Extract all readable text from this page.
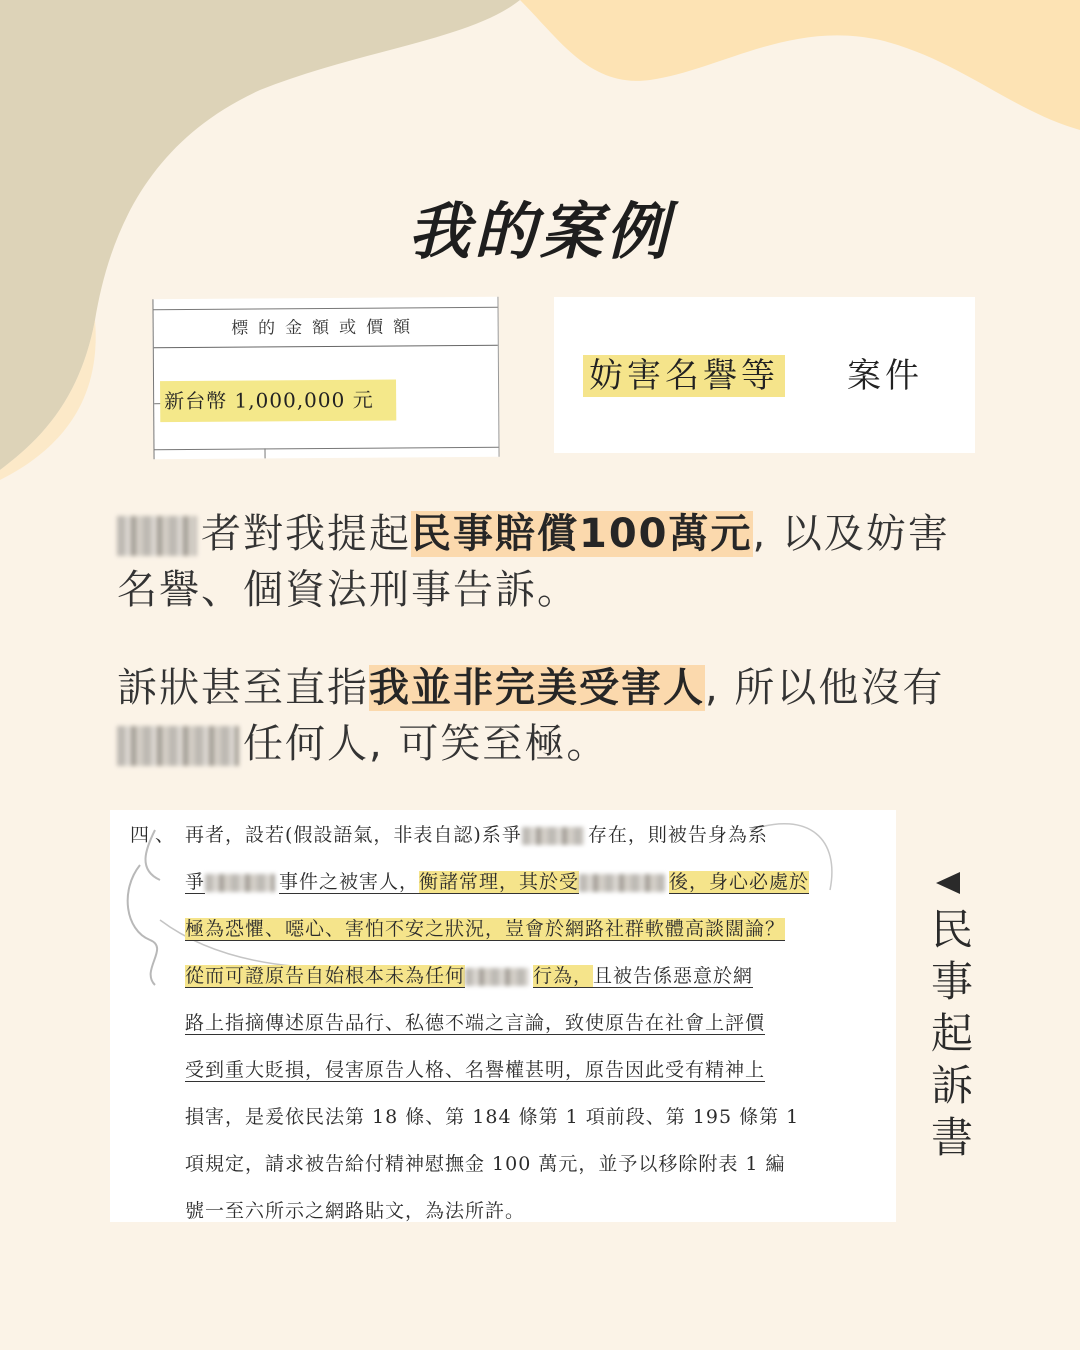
我的案例
標的金額或價額
新台幣 1,000,000 元
妨害名譽等 案件
者對我提起民事賠償100萬元, 以及妨害
名譽、個資法刑事告訴。
訴狀甚至直指我並非完美受害人, 所以他沒有
任何人, 可笑至極。
四、 再者，設若(假設語氣，非表自認)系爭	存在，則被告身為系
爭	事件之被害人，衡諸常理，其於受	後，身心必處於
極為恐懼、噁心、害怕不安之狀況，豈會於網路社群軟體高談闊論？
從而可證原告自始根本未為任何	行為，且被告係惡意於網
路上指摘傳述原告品行、私德不端之言論，致使原告在社會上評價
受到重大貶損，侵害原告人格、名譽權甚明，原告因此受有精神上
損害，是爰依民法第 18 條、第 184 條第 1 項前段、第 195 條第 1
項規定，請求被告給付精神慰撫金 100 萬元，並予以移除附表 1 編
號一至六所示之網路貼文，為法所許。
民事起訴書
